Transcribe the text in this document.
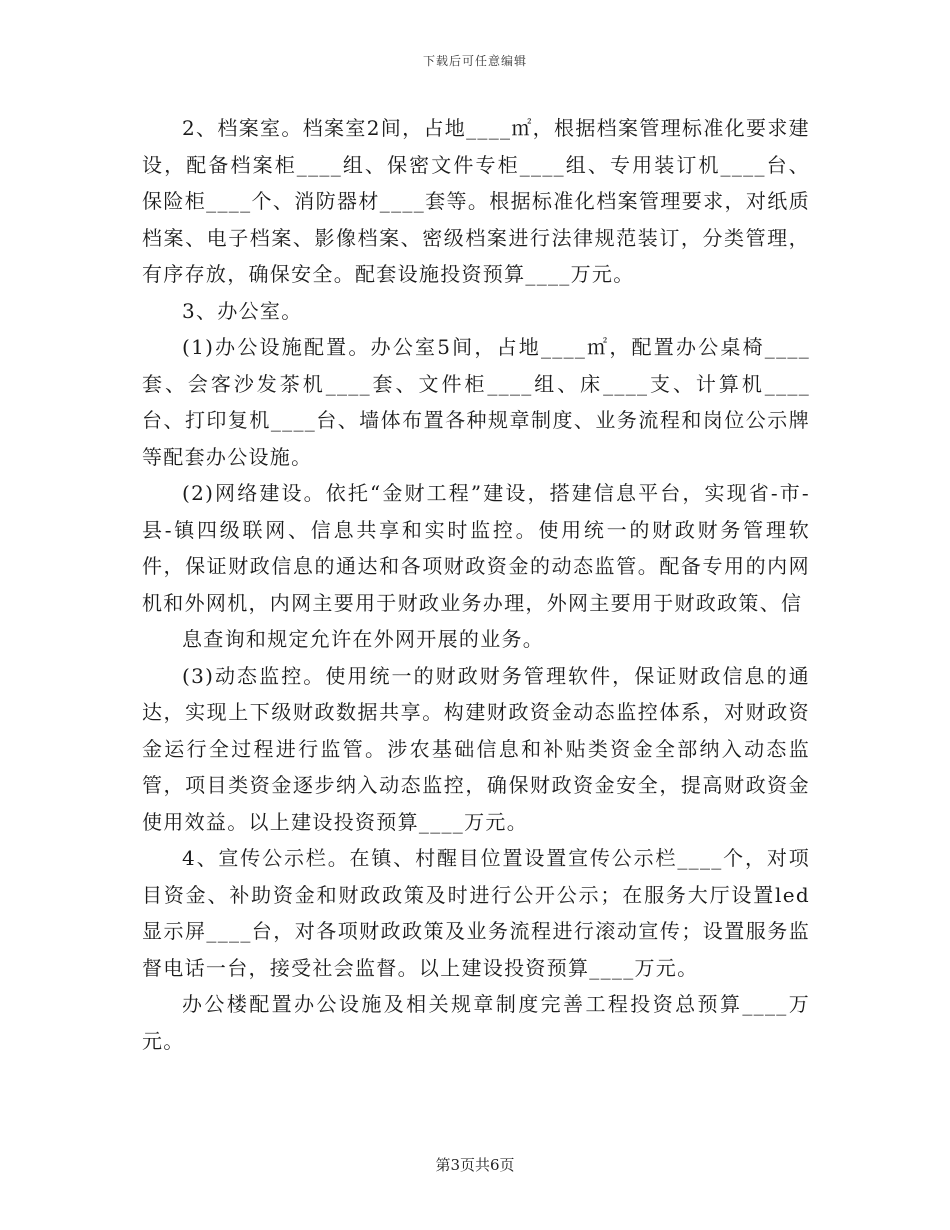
下载后可任意编辑

2、档案室。档案室2间，占地____㎡，根据档案管理标准化要求建设，配备档案柜____组、保密文件专柜____组、专用装订机____台、保险柜____个、消防器材____套等。根据标准化档案管理要求，对纸质档案、电子档案、影像档案、密级档案进行法律规范装订，分类管理，有序存放，确保安全。配套设施投资预算____万元。

3、办公室。

(1)办公设施配置。办公室5间，占地____㎡，配置办公桌椅____套、会客沙发茶机____套、文件柜____组、床____支、计算机____台、打印复机____台、墙体布置各种规章制度、业务流程和岗位公示牌等配套办公设施。

(2)网络建设。依托“金财工程”建设，搭建信息平台，实现省-市-县-镇四级联网、信息共享和实时监控。使用统一的财政财务管理软件，保证财政信息的通达和各项财政资金的动态监管。配备专用的内网机和外网机，内网主要用于财政业务办理，外网主要用于财政政策、信

息查询和规定允许在外网开展的业务。

(3)动态监控。使用统一的财政财务管理软件，保证财政信息的通达，实现上下级财政数据共享。构建财政资金动态监控体系，对财政资金运行全过程进行监管。涉农基础信息和补贴类资金全部纳入动态监管，项目类资金逐步纳入动态监控，确保财政资金安全，提高财政资金使用效益。以上建设投资预算____万元。

4、宣传公示栏。在镇、村醒目位置设置宣传公示栏____个，对项目资金、补助资金和财政政策及时进行公开公示；在服务大厅设置led显示屏____台，对各项财政政策及业务流程进行滚动宣传；设置服务监督电话一台，接受社会监督。以上建设投资预算____万元。

办公楼配置办公设施及相关规章制度完善工程投资总预算____万元。

第3页共6页
